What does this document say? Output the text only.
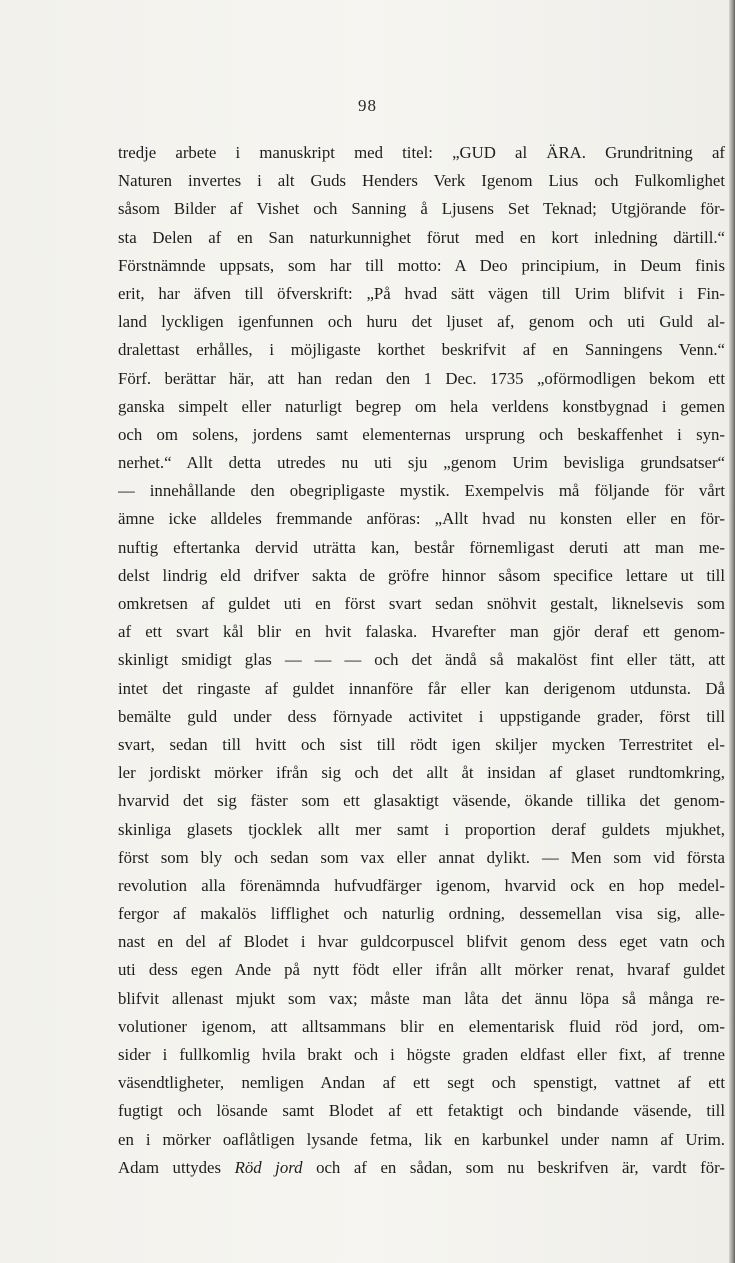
98
tredje arbete i manuskript med titel: „GUD al ÄRA. Grundritning af
Naturen invertes i alt Guds Henders Verk Igenom Lius och Fulkomlighet
såsom Bilder af Vishet och Sanning å Ljusens Set Teknad; Utgjörande för-
sta Delen af en San naturkunnighet förut med en kort inledning därtill.“
Förstnämnde uppsats, som har till motto: A Deo principium, in Deum finis
erit, har äfven till öfverskrift: „På hvad sätt vägen till Urim blifvit i Fin-
land lyckligen igenfunnen och huru det ljuset af, genom och uti Guld al-
dralettast erhålles, i möjligaste korthet beskrifvit af en Sanningens Venn.“
Förf. berättar här, att han redan den 1 Dec. 1735 „oförmodligen bekom ett
ganska simpelt eller naturligt begrep om hela verldens konstbygnad i gemen
och om solens, jordens samt elementernas ursprung och beskaffenhet i syn-
nerhet.“ Allt detta utredes nu uti sju „genom Urim bevisliga grundsatser“
— innehållande den obegripligaste mystik. Exempelvis må följande för vårt
ämne icke alldeles fremmande anföras: „Allt hvad nu konsten eller en för-
nuftig eftertanka dervid uträtta kan, består förnemligast deruti att man me-
delst lindrig eld drifver sakta de gröfre hinnor såsom specifice lettare ut till
omkretsen af guldet uti en först svart sedan snöhvit gestalt, liknelsevis som
af ett svart kål blir en hvit falaska. Hvarefter man gjör deraf ett genom-
skinligt smidigt glas — — — och det ändå så makalöst fint eller tätt, att
intet det ringaste af guldet innanföre får eller kan derigenom utdunsta. Då
bemälte guld under dess förnyade activitet i uppstigande grader, först till
svart, sedan till hvitt och sist till rödt igen skiljer mycken Terrestritet el-
ler jordiskt mörker ifrån sig och det allt åt insidan af glaset rundtomkring,
hvarvid det sig fäster som ett glasaktigt väsende, ökande tillika det genom-
skinliga glasets tjocklek allt mer samt i proportion deraf guldets mjukhet,
först som bly och sedan som vax eller annat dylikt. — Men som vid första
revolution alla förenämnda hufvudfärger igenom, hvarvid ock en hop medel-
fergor af makalös lifflighet och naturlig ordning, dessemellan visa sig, alle-
nast en del af Blodet i hvar guldcorpuscel blifvit genom dess eget vatn och
uti dess egen Ande på nytt födt eller ifrån allt mörker renat, hvaraf guldet
blifvit allenast mjukt som vax; måste man låta det ännu löpa så många re-
volutioner igenom, att alltsammans blir en elementarisk fluid röd jord, om-
sider i fullkomlig hvila brakt och i högste graden eldfast eller fixt, af trenne
väsendtligheter, nemligen Andan af ett segt och spenstigt, vattnet af ett
fugtigt och lösande samt Blodet af ett fetaktigt och bindande väsende, till
en i mörker oaflåtligen lysande fetma, lik en karbunkel under namn af Urim.
Adam uttydes Röd jord och af en sådan, som nu beskrifven är, vardt för-
